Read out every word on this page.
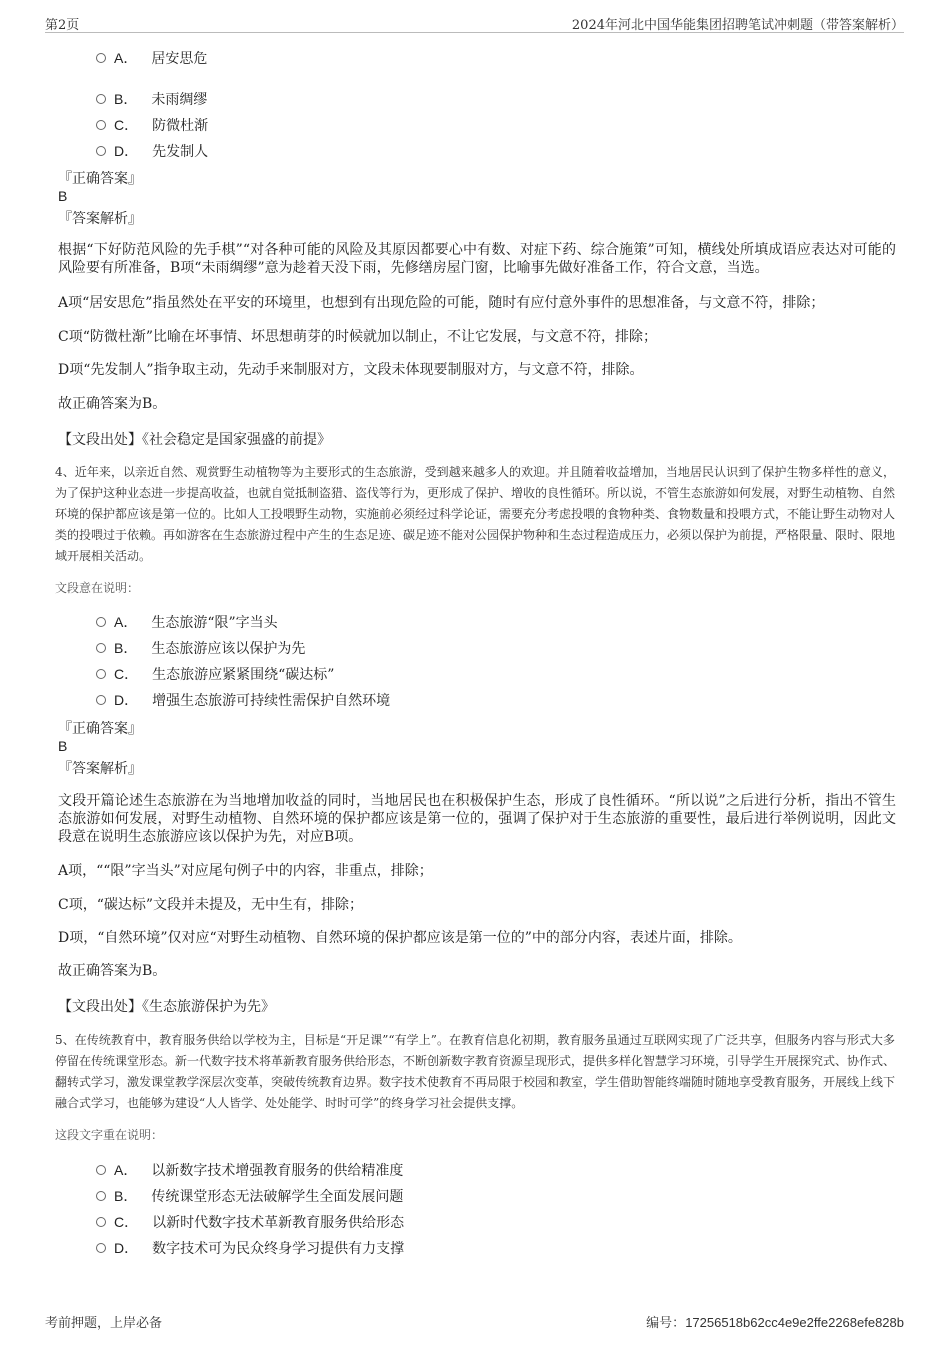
第2页	2024年河北中国华能集团招聘笔试冲刺题（带答案解析）
A． 居安思危
B． 未雨绸缪
C． 防微杜渐
D． 先发制人
『正确答案』
B
『答案解析』
根据“下好防范风险的先手棋”“对各种可能的风险及其原因都要心中有数、对症下药、综合施策”可知，横线处所填成语应表达对可能的风险要有所准备，B项“未雨绸缪”意为趁着天没下雨，先修缮房屋门窗，比喻事先做好准备工作，符合文意，当选。
A项“居安思危”指虽然处在平安的环境里，也想到有出现危险的可能，随时有应付意外事件的思想准备，与文意不符，排除；
C项“防微杜渐”比喻在坏事情、坏思想萌芽的时候就加以制止，不让它发展，与文意不符，排除；
D项“先发制人”指争取主动，先动手来制服对方，文段未体现要制服对方，与文意不符，排除。
故正确答案为B。
【文段出处】《社会稳定是国家强盛的前提》
4、近年来，以亲近自然、观赏野生动植物等为主要形式的生态旅游，受到越来越多人的欢迎。并且随着收益增加，当地居民认识到了保护生物多样性的意义，为了保护这种业态进一步提高收益，也就自觉抵制盗猎、盗伐等行为，更形成了保护、增收的良性循环。所以说，不管生态旅游如何发展，对野生动植物、自然环境的保护都应该是第一位的。比如人工投喂野生动物，实施前必须经过科学论证，需要充分考虑投喂的食物种类、食物数量和投喂方式，不能让野生动物对人类的投喂过于依赖。再如游客在生态旅游过程中产生的生态足迹、碳足迹不能对公园保护物种和生态过程造成压力，必须以保护为前提，严格限量、限时、限地域开展相关活动。
文段意在说明：
A． 生态旅游“限”字当头
B． 生态旅游应该以保护为先
C． 生态旅游应紧紧围绕“碳达标”
D． 增强生态旅游可持续性需保护自然环境
『正确答案』
B
『答案解析』
文段开篇论述生态旅游在为当地增加收益的同时，当地居民也在积极保护生态，形成了良性循环。“所以说”之后进行分析，指出不管生态旅游如何发展，对野生动植物、自然环境的保护都应该是第一位的，强调了保护对于生态旅游的重要性，最后进行举例说明，因此文段意在说明生态旅游应该以保护为先，对应B项。
A项，““限”字当头”对应尾句例子中的内容，非重点，排除；
C项，“碳达标”文段并未提及，无中生有，排除；
D项，“自然环境”仅对应“对野生动植物、自然环境的保护都应该是第一位的”中的部分内容，表述片面，排除。
故正确答案为B。
【文段出处】《生态旅游保护为先》
5、在传统教育中，教育服务供给以学校为主，目标是“开足课”“有学上”。在教育信息化初期，教育服务虽通过互联网实现了广泛共享，但服务内容与形式大多停留在传统课堂形态。新一代数字技术将革新教育服务供给形态，不断创新数字教育资源呈现形式，提供多样化智慧学习环境，引导学生开展探究式、协作式、翻转式学习，激发课堂教学深层次变革，突破传统教育边界。数字技术使教育不再局限于校园和教室，学生借助智能终端随时随地享受教育服务，开展线上线下融合式学习，也能够为建设“人人皆学、处处能学、时时可学”的终身学习社会提供支撑。
这段文字重在说明：
A． 以新数字技术增强教育服务的供给精准度
B． 传统课堂形态无法破解学生全面发展问题
C． 以新时代数字技术革新教育服务供给形态
D． 数字技术可为民众终身学习提供有力支撑
考前押题，上岸必备	编号：17256518b62cc4e9e2ffe2268efe828b
